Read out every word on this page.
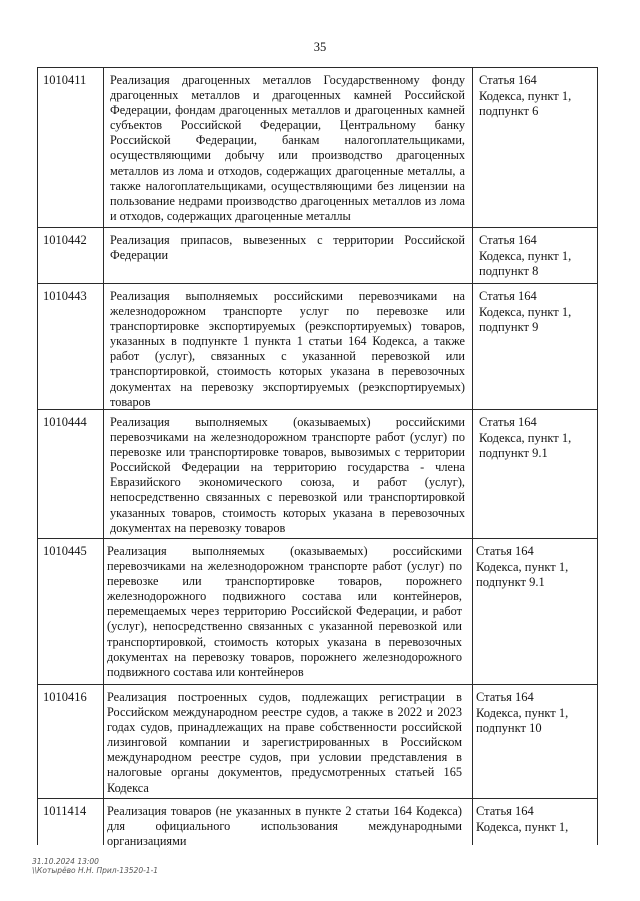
35
1010411 Реализация драгоценных металлов Государственному фонду драгоценных металлов и драгоценных камней Российской Федерации, фондам драгоценных металлов и драгоценных камней субъектов Российской Федерации, Центральному банку Российской Федерации, банкам налогоплательщиками, осуществляющими добычу или производство драгоценных металлов из лома и отходов, содержащих драгоценные металлы, а также налогоплательщиками, осуществляющими без лицензии на пользование недрами производство драгоценных металлов из лома и отходов, содержащих драгоценные металлы
Статья 164
Кодекса, пункт 1,
подпункт 6
1010442 Реализация припасов, вывезенных с территории Российской Федерации
Статья 164
Кодекса, пункт 1,
подпункт 8
1010443 Реализация выполняемых российскими перевозчиками на железнодорожном транспорте услуг по перевозке или транспортировке экспортируемых (реэкспортируемых) товаров, указанных в подпункте 1 пункта 1 статьи 164 Кодекса, а также работ (услуг), связанных с указанной перевозкой или транспортировкой, стоимость которых указана в перевозочных документах на перевозку экспортируемых (реэкспортируемых) товаров
Статья 164
Кодекса, пункт 1,
подпункт 9
1010444 Реализация выполняемых (оказываемых) российскими перевозчиками на железнодорожном транспорте работ (услуг) по перевозке или транспортировке товаров, вывозимых с территории Российской Федерации на территорию государства - члена Евразийского экономического союза, и работ (услуг), непосредственно связанных с перевозкой или транспортировкой указанных товаров, стоимость которых указана в перевозочных документах на перевозку товаров
Статья 164
Кодекса, пункт 1,
подпункт 9.1
1010445 Реализация выполняемых (оказываемых) российскими перевозчиками на железнодорожном транспорте работ (услуг) по перевозке или транспортировке товаров, порожнего железнодорожного подвижного состава или контейнеров, перемещаемых через территорию Российской Федерации, и работ (услуг), непосредственно связанных с указанной перевозкой или транспортировкой, стоимость которых указана в перевозочных документах на перевозку товаров, порожнего железнодорожного подвижного состава или контейнеров
Статья 164
Кодекса, пункт 1,
подпункт 9.1
1010416 Реализация построенных судов, подлежащих регистрации в Российском международном реестре судов, а также в 2022 и 2023 годах судов, принадлежащих на праве собственности российской лизинговой компании и зарегистрированных в Российском международном реестре судов, при условии представления в налоговые органы документов, предусмотренных статьей 165 Кодекса
Статья 164
Кодекса, пункт 1,
подпункт 10
1011414 Реализация товаров (не указанных в пункте 2 статьи 164 Кодекса) для официального использования международными организациями
Статья 164
Кодекса, пункт 1,
31.10.2024 13:00
\\Котырёво Н.Н. Прил-13520-1-1
